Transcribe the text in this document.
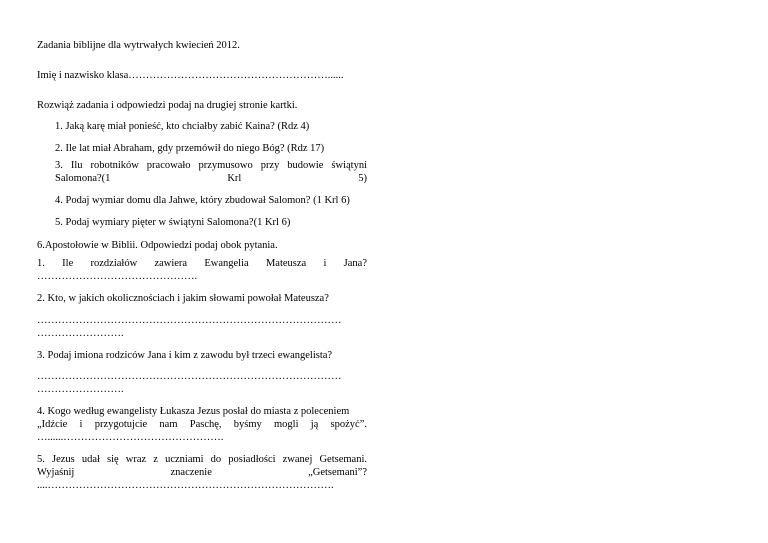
Zadania biblijne dla wytrwałych kwiecień 2012.
Imię i nazwisko klasa…………………………………………………......
Rozwiąż zadania i odpowiedzi podaj na drugiej stronie kartki.
1. Jaką karę miał ponieść, kto chciałby zabić Kaina? (Rdz 4)
2. Ile lat miał Abraham, gdy przemówił do niego Bóg? (Rdz 17)
3. Ilu robotników pracowało przymusowo przy budowie świątyni Salomona?(1 Krl 5)
4. Podaj wymiar domu dla Jahwe, który zbudował Salomon? (1 Krl 6)
5. Podaj wymiary pięter w świątyni Salomona?(1 Krl 6)
6.Apostołowie w Biblii. Odpowiedzi podaj obok pytania.
1. Ile rozdziałów zawiera Ewangelia Mateusza i Jana?
……………………………………….
2. Kto, w jakich okolicznościach i jakim słowami powołał Mateusza?
……………………………………………………………………………
…………………….
3. Podaj imiona rodziców Jana i kim z zawodu był trzeci ewangelista?
……………………………………………………………………………
…………………….
4. Kogo według ewangelisty Łukasza Jezus posłał do miasta z poleceniem
„Idźcie i przygotujcie nam Paschę, byśmy mogli ją spożyć”.
…......……………………………………….
5. Jezus udał się wraz z uczniami do posiadłości zwanej Getsemani.
Wyjaśnij znaczenie „Getsemani”?
....……………………………………………………………………….
